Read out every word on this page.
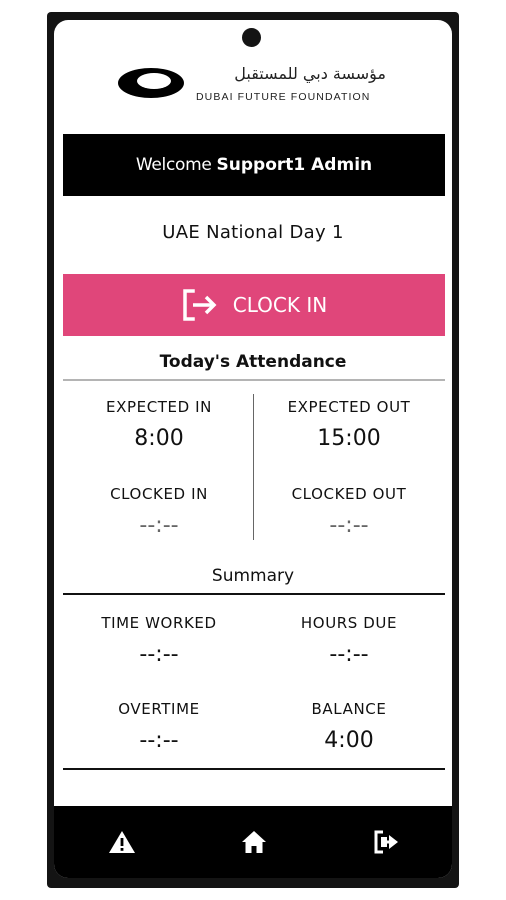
مؤسسة دبي للمستقبل
DUBAI FUTURE FOUNDATION
Welcome Support1 Admin
UAE National Day 1
CLOCK IN
Today's Attendance
EXPECTED IN
8:00
EXPECTED OUT
15:00
CLOCKED IN
--:--
CLOCKED OUT
--:--
Summary
TIME WORKED
--:--
HOURS DUE
--:--
OVERTIME
--:--
BALANCE
4:00
